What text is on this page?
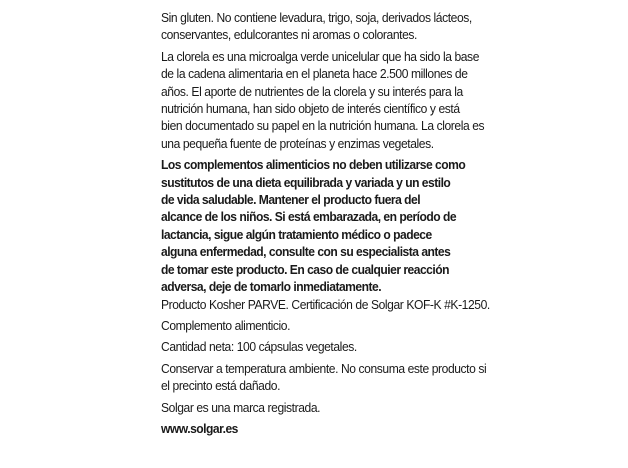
Sin gluten. No contiene levadura, trigo, soja, derivados lácteos,
conservantes, edulcorantes ni aromas o colorantes.

La clorela es una microalga verde unicelular que ha sido la base
de la cadena alimentaria en el planeta hace 2.500 millones de
años. El aporte de nutrientes de la clorela y su interés para la
nutrición humana, han sido objeto de interés científico y está
bien documentado su papel en la nutrición humana. La clorela es
una pequeña fuente de proteínas y enzimas vegetales.

Los complementos alimenticios no deben utilizarse como
sustitutos de una dieta equilibrada y variada y un estilo
de vida saludable. Mantener el producto fuera del
alcance de los niños. Si está embarazada, en período de
lactancia, sigue algún tratamiento médico o padece
alguna enfermedad, consulte con su especialista antes
de tomar este producto. En caso de cualquier reacción
adversa, deje de tomarlo inmediatamente.

Producto Kosher PARVE. Certificación de Solgar KOF-K #K-1250.

Complemento alimenticio.

Cantidad neta: 100 cápsulas vegetales.

Conservar a temperatura ambiente. No consuma este producto si
el precinto está dañado.

Solgar es una marca registrada.

www.solgar.es
